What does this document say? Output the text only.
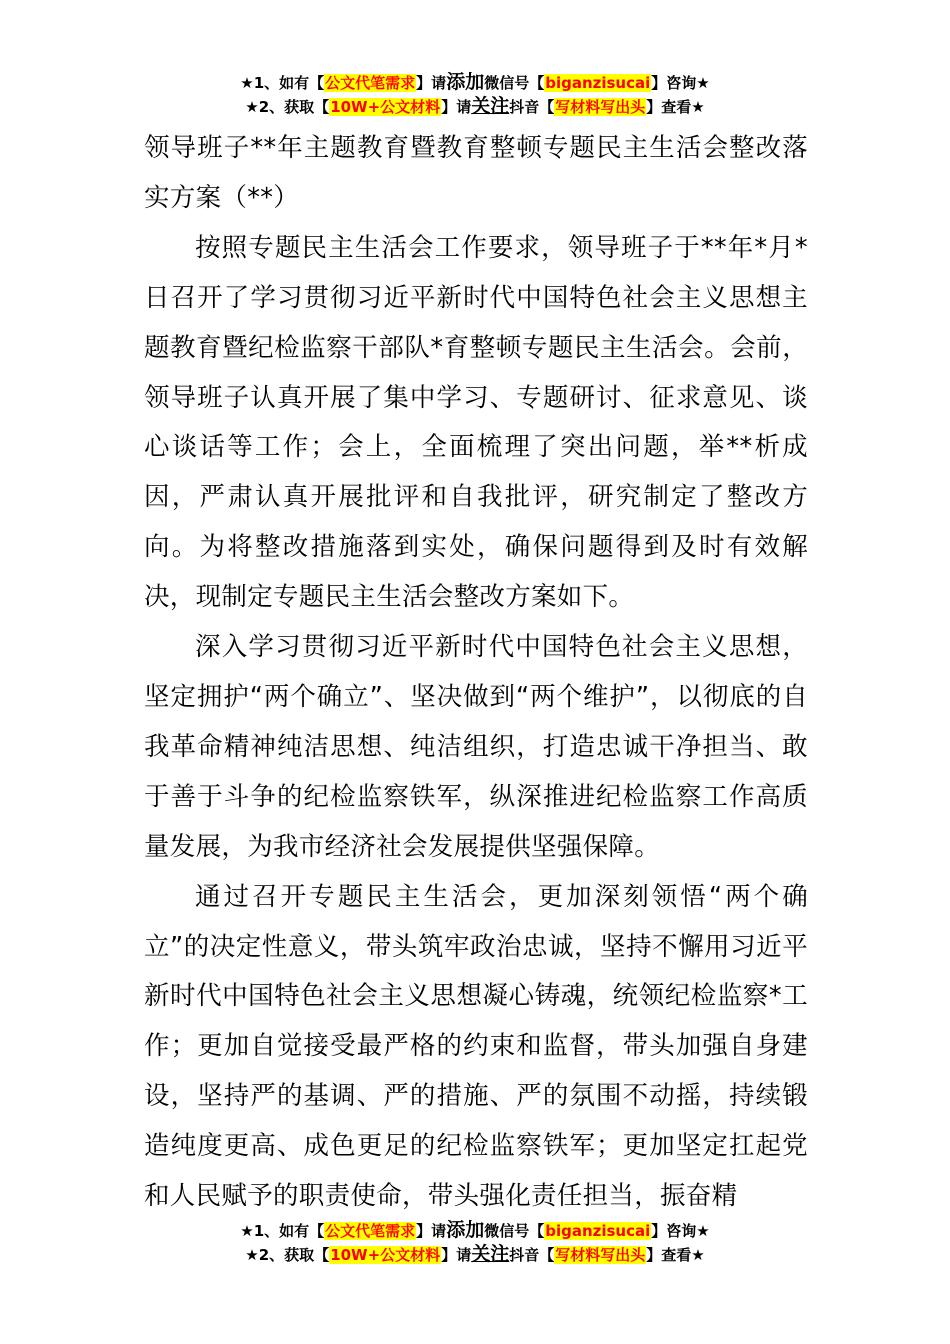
★1、如有【公文代笔需求】请添加微信号【biganzisucai】咨询★
★2、获取【10W+公文材料】请关注抖音【写材料写出头】查看★

领导班子**年主题教育暨教育整顿专题民主生活会整改落实方案（**）

按照专题民主生活会工作要求，领导班子于**年*月*日召开了学习贯彻习近平新时代中国特色社会主义思想主题教育暨纪检监察干部队*育整顿专题民主生活会。会前，领导班子认真开展了集中学习、专题研讨、征求意见、谈心谈话等工作；会上，全面梳理了突出问题，举**析成因，严肃认真开展批评和自我批评，研究制定了整改方向。为将整改措施落到实处，确保问题得到及时有效解决，现制定专题民主生活会整改方案如下。

深入学习贯彻习近平新时代中国特色社会主义思想，坚定拥护“两个确立”、坚决做到“两个维护”，以彻底的自我革命精神纯洁思想、纯洁组织，打造忠诚干净担当、敢于善于斗争的纪检监察铁军，纵深推进纪检监察工作高质量发展，为我市经济社会发展提供坚强保障。

通过召开专题民主生活会，更加深刻领悟“两个确立”的决定性意义，带头筑牢政治忠诚，坚持不懈用习近平新时代中国特色社会主义思想凝心铸魂，统领纪检监察*工作；更加自觉接受最严格的约束和监督，带头加强自身建设，坚持严的基调、严的措施、严的氛围不动摇，持续锻造纯度更高、成色更足的纪检监察铁军；更加坚定扛起党和人民赋予的职责使命，带头强化责任担当，振奋精

★1、如有【公文代笔需求】请添加微信号【biganzisucai】咨询★
★2、获取【10W+公文材料】请关注抖音【写材料写出头】查看★
